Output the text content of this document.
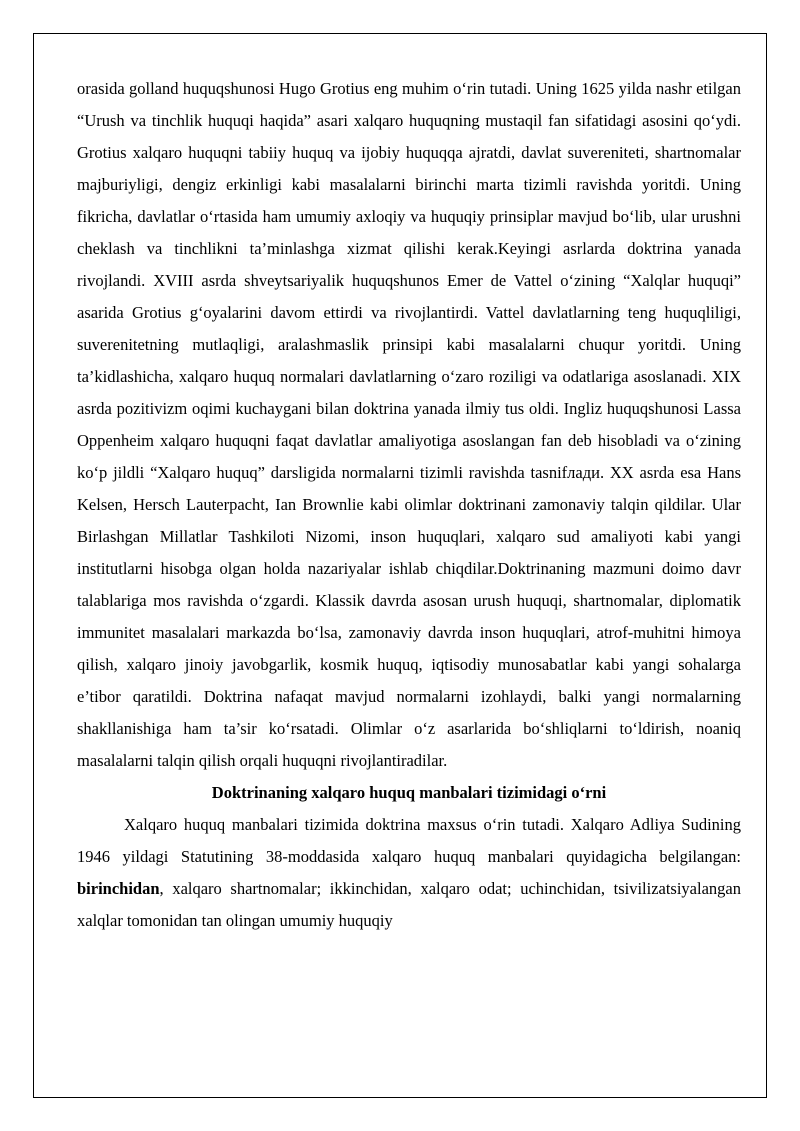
orasida golland huquqshunosi Hugo Grotius eng muhim o‘rin tutadi. Uning 1625 yilda nashr etilgan “Urush va tinchlik huquqi haqida” asari xalqaro huquqning mustaqil fan sifatidagi asosini qo‘ydi. Grotius xalqaro huquqni tabiiy huquq va ijobiy huquqqa ajratdi, davlat suvereniteti, shartnomalar majburiyligi, dengiz erkinligi kabi masalalarni birinchi marta tizimli ravishda yoritdi. Uning fikricha, davlatlar o‘rtasida ham umumiy axloqiy va huquqiy prinsiplar mavjud bo‘lib, ular urushni cheklash va tinchlikni ta’minlashga xizmat qilishi kerak.Keyingi asrlarda doktrina yanada rivojlandi. XVIII asrda shveytsariyalik huquqshunos Emer de Vattel o‘zining “Xalqlar huquqi” asarida Grotius g‘oyalarini davom ettirdi va rivojlantirdi. Vattel davlatlarning teng huquqliligi, suverenitetning mutlaqligi, aralashmaslik prinsipi kabi masalalarni chuqur yoritdi. Uning ta’kidlashicha, xalqaro huquq normalari davlatlarning o‘zaro roziligi va odatlariga asoslanadi. XIX asrda pozitivizm oqimi kuchaygani bilan doktrina yanada ilmiy tus oldi. Ingliz huquqshunosi Lassa Oppenheim xalqaro huquqni faqat davlatlar amaliyotiga asoslangan fan deb hisobladi va o‘zining ko‘p jildli “Xalqaro huquq” darsligida normalarni tizimli ravishda tasnifлади. XX asrda esa Hans Kelsen, Hersch Lauterpacht, Ian Brownlie kabi olimlar doktrinani zamonaviy talqin qildilar. Ular Birlashgan Millatlar Tashkiloti Nizomi, inson huquqlari, xalqaro sud amaliyoti kabi yangi institutlarni hisobga olgan holda nazariyalar ishlab chiqdilar.Doktrinaning mazmuni doimo davr talablariga mos ravishda o‘zgardi. Klassik davrda asosan urush huquqi, shartnomalar, diplomatik immunitet masalalari markazda bo‘lsa, zamonaviy davrda inson huquqlari, atrof-muhitni himoya qilish, xalqaro jinoiy javobgarlik, kosmik huquq, iqtisodiy munosabatlar kabi yangi sohalarga e’tibor qaratildi. Doktrina nafaqat mavjud normalarni izohlaydi, balki yangi normalarning shakllanishiga ham ta’sir ko‘rsatadi. Olimlar o‘z asarlarida bo‘shliqlarni to‘ldirish, noaniq masalalarni talqin qilish orqali huquqni rivojlantiradilar.

Doktrinaning xalqaro huquq manbalari tizimidagi o‘rni

Xalqaro huquq manbalari tizimida doktrina maxsus o‘rin tutadi. Xalqaro Adliya Sudining 1946 yildagi Statutining 38-moddasida xalqaro huquq manbalari quyidagicha belgilangan: birinchidan, xalqaro shartnomalar; ikkinchidan, xalqaro odat; uchinchidan, tsivilizatsiyalangan xalqlar tomonidan tan olingan umumiy huquqiy
